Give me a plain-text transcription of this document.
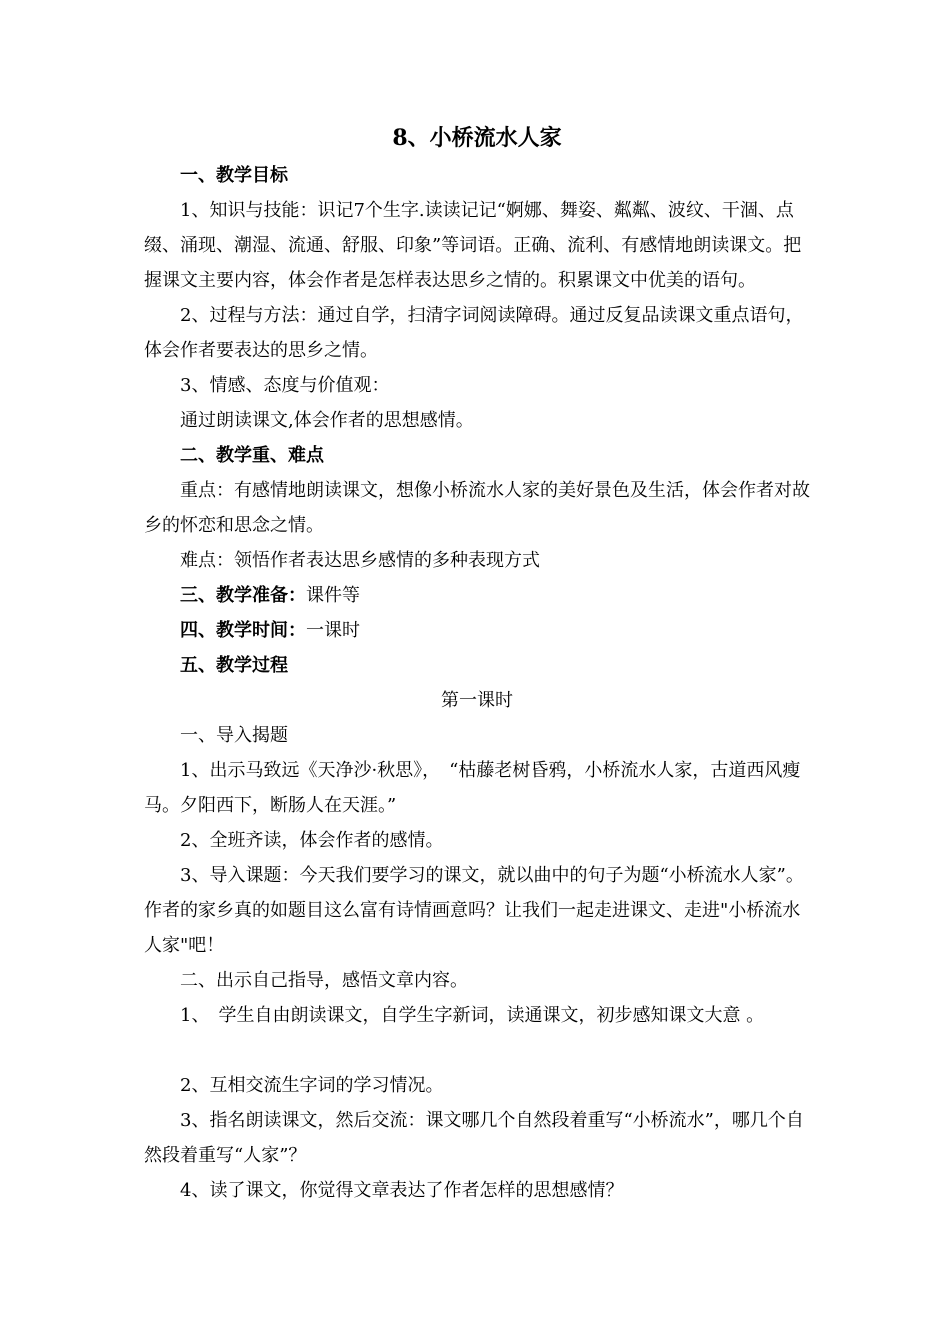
8、小桥流水人家

一、教学目标

1、知识与技能：识记7个生字.读读记记“婀娜、舞姿、粼粼、波纹、干涸、点缀、涌现、潮湿、流通、舒服、印象”等词语。正确、流利、有感情地朗读课文。把握课文主要内容，体会作者是怎样表达思乡之情的。积累课文中优美的语句。

2、过程与方法：通过自学，扫清字词阅读障碍。通过反复品读课文重点语句，体会作者要表达的思乡之情。

3、情感、态度与价值观：

通过朗读课文,体会作者的思想感情。

二、教学重、难点

重点：有感情地朗读课文，想像小桥流水人家的美好景色及生活，体会作者对故乡的怀恋和思念之情。

难点：领悟作者表达思乡感情的多种表现方式

三、教学准备：课件等

四、教学时间：一课时

五、教学过程

第一课时

一、导入揭题

1、出示马致远《天净沙·秋思》，　“枯藤老树昏鸦，小桥流水人家，古道西风瘦马。夕阳西下，断肠人在天涯。”

2、全班齐读，体会作者的感情。

3、导入课题：今天我们要学习的课文，就以曲中的句子为题“小桥流水人家”。作者的家乡真的如题目这么富有诗情画意吗？让我们一起走进课文、走进"小桥流水人家"吧！

二、出示自己指导，感悟文章内容。

1、　学生自由朗读课文，自学生字新词，读通课文，初步感知课文大意 。

2、互相交流生字词的学习情况。

3、指名朗读课文，然后交流：课文哪几个自然段着重写“小桥流水”，哪几个自然段着重写“人家”？

4、读了课文，你觉得文章表达了作者怎样的思想感情？
